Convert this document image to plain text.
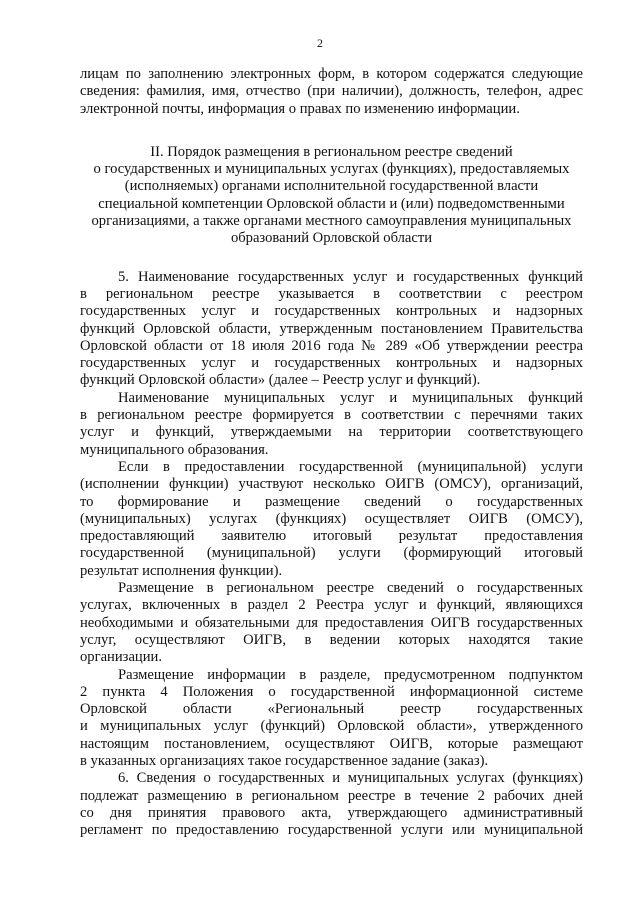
2
лицам по заполнению электронных форм, в котором содержатся следующие
сведения: фамилия, имя, отчество (при наличии), должность, телефон, адрес
электронной почты, информация о правах по изменению информации.
II. Порядок размещения в региональном реестре сведений
о государственных и муниципальных услугах (функциях), предоставляемых
(исполняемых) органами исполнительной государственной власти
специальной компетенции Орловской области и (или) подведомственными
организациями, а также органами местного самоуправления муниципальных
образований Орловской области
5. Наименование государственных услуг и государственных функций
в региональном реестре указывается в соответствии с реестром
государственных услуг и государственных контрольных и надзорных
функций Орловской области, утвержденным постановлением Правительства
Орловской области от 18 июля 2016 года № 289 «Об утверждении реестра
государственных услуг и государственных контрольных и надзорных
функций Орловской области» (далее – Реестр услуг и функций).
Наименование муниципальных услуг и муниципальных функций
в региональном реестре формируется в соответствии с перечнями таких
услуг и функций, утверждаемыми на территории соответствующего
муниципального образования.
Если в предоставлении государственной (муниципальной) услуги
(исполнении функции) участвуют несколько ОИГВ (ОМСУ), организаций,
то формирование и размещение сведений о государственных
(муниципальных) услугах (функциях) осуществляет ОИГВ (ОМСУ),
предоставляющий заявителю итоговый результат предоставления
государственной (муниципальной) услуги (формирующий итоговый
результат исполнения функции).
Размещение в региональном реестре сведений о государственных
услугах, включенных в раздел 2 Реестра услуг и функций, являющихся
необходимыми и обязательными для предоставления ОИГВ государственных
услуг, осуществляют ОИГВ, в ведении которых находятся такие
организации.
Размещение информации в разделе, предусмотренном подпунктом
2 пункта 4 Положения о государственной информационной системе
Орловской области «Региональный реестр государственных
и муниципальных услуг (функций) Орловской области», утвержденного
настоящим постановлением, осуществляют ОИГВ, которые размещают
в указанных организациях такое государственное задание (заказ).
6. Сведения о государственных и муниципальных услугах (функциях)
подлежат размещению в региональном реестре в течение 2 рабочих дней
со дня принятия правового акта, утверждающего административный
регламент по предоставлению государственной услуги или муниципальной
